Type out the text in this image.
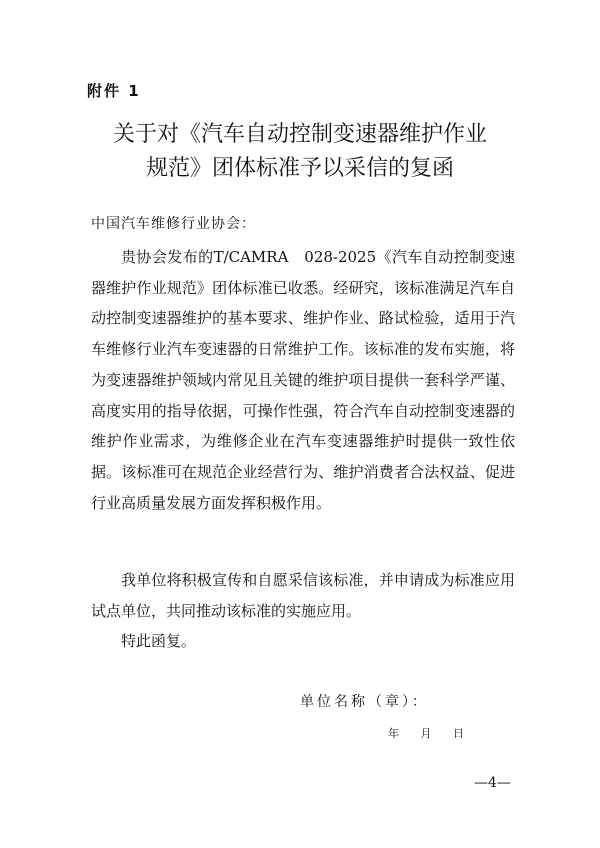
附件 1
关于对《汽车自动控制变速器维护作业
规范》团体标准予以采信的复函
中国汽车维修行业协会：

贵协会发布的T/CAMRA　028-2025《汽车自动控制变速器维护作业规范》团体标准已收悉。经研究，该标准满足汽车自动控制变速器维护的基本要求、维护作业、路试检验，适用于汽车维修行业汽车变速器的日常维护工作。该标准的发布实施，将为变速器维护领域内常见且关键的维护项目提供一套科学严谨、高度实用的指导依据，可操作性强，符合汽车自动控制变速器的维护作业需求，为维修企业在汽车变速器维护时提供一致性依据。该标准可在规范企业经营行为、维护消费者合法权益、促进行业高质量发展方面发挥积极作用。

我单位将积极宣传和自愿采信该标准，并申请成为标准应用试点单位，共同推动该标准的实施应用。

特此函复。

单位名称（章）：
年 月 日
—4—
